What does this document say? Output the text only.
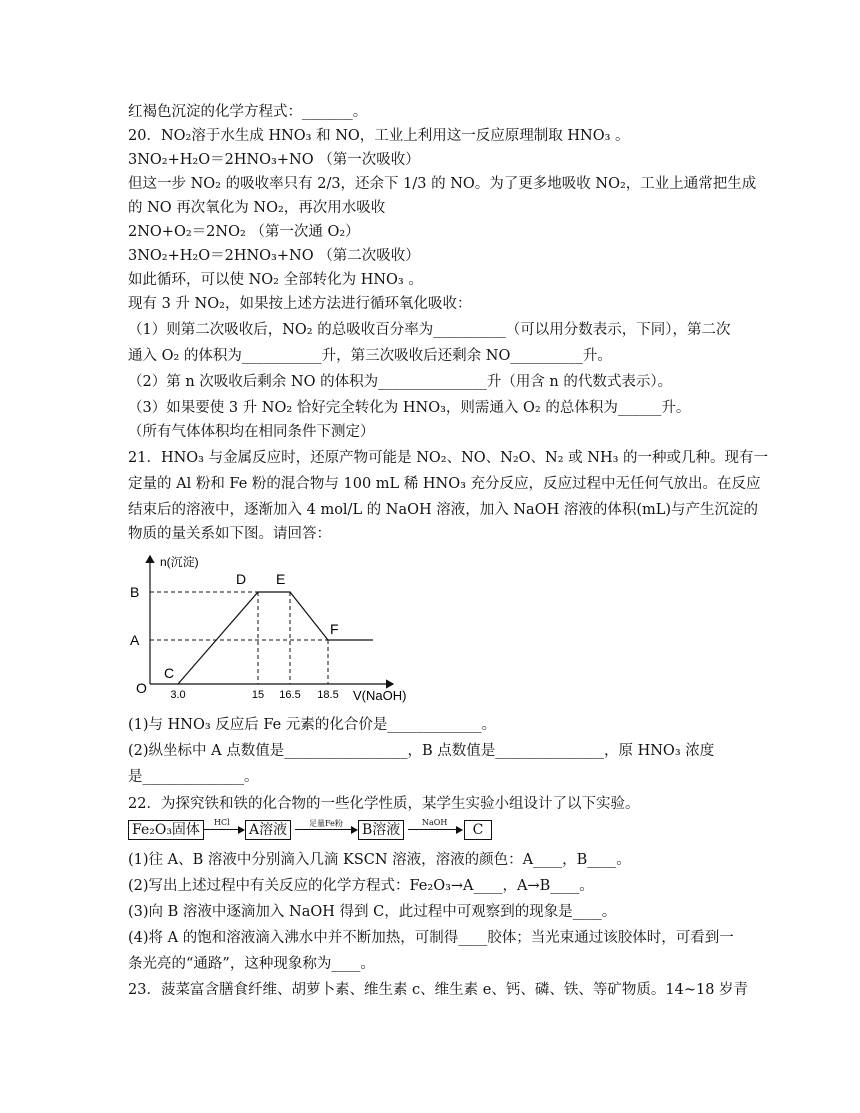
红褐色沉淀的化学方程式：_______。
20．NO₂溶于水生成 HNO₃ 和 NO，工业上利用这一反应原理制取 HNO₃ 。
3NO₂+H₂O＝2HNO₃+NO （第一次吸收）
但这一步 NO₂ 的吸收率只有 2/3，还余下 1/3 的 NO。为了更多地吸收 NO₂，工业上通常把生成
的 NO 再次氧化为 NO₂，再次用水吸收
2NO+O₂＝2NO₂ （第一次通 O₂）
3NO₂+H₂O＝2HNO₃+NO （第二次吸收）
如此循环，可以使 NO₂ 全部转化为 HNO₃ 。
现有 3 升 NO₂，如果按上述方法进行循环氧化吸收：
（1）则第二次吸收后，NO₂ 的总吸收百分率为__________（可以用分数表示，下同），第二次
通入 O₂ 的体积为___________升，第三次吸收后还剩余 NO__________升。
（2）第 n 次吸收后剩余 NO 的体积为_______________升（用含 n 的代数式表示）。
（3）如果要使 3 升 NO₂ 恰好完全转化为 HNO₃，则需通入 O₂ 的总体积为______升。
（所有气体体积均在相同条件下测定）
21．HNO₃ 与金属反应时，还原产物可能是 NO₂、NO、N₂O、N₂ 或 NH₃ 的一种或几种。现有一
定量的 Al 粉和 Fe 粉的混合物与 100 mL 稀 HNO₃ 充分反应，反应过程中无任何气放出。在反应
结束后的溶液中，逐渐加入 4 mol/L 的 NaOH 溶液，加入 NaOH 溶液的体积(mL)与产生沉淀的
物质的量关系如下图。请回答：
C
D E
F
B
A
O 3.0	15 16.5 18.5
n(沉淀)
V(NaOH)
(1)与 HNO₃ 反应后 Fe 元素的化合价是_____________。
(2)纵坐标中 A 点数值是_________________，B 点数值是_______________，原 HNO₃ 浓度
是______________。
22．为探究铁和铁的化合物的一些化学性质，某学生实验小组设计了以下实验。
Fe₂O₃固体	HCl A溶液	足量Fe粉 B溶液	NaOH	C
(1)往 A、B 溶液中分别滴入几滴 KSCN 溶液，溶液的颜色：A____，B____。
(2)写出上述过程中有关反应的化学方程式：Fe₂O₃→A____，A→B____。
(3)向 B 溶液中逐滴加入 NaOH 得到 C，此过程中可观察到的现象是____。
(4)将 A 的饱和溶液滴入沸水中并不断加热，可制得____胶体；当光束通过该胶体时，可看到一
条光亮的“通路”，这种现象称为____。
23．菠菜富含膳食纤维、胡萝卜素、维生素 c、维生素 e、钙、磷、铁、等矿物质。14~18 岁青
